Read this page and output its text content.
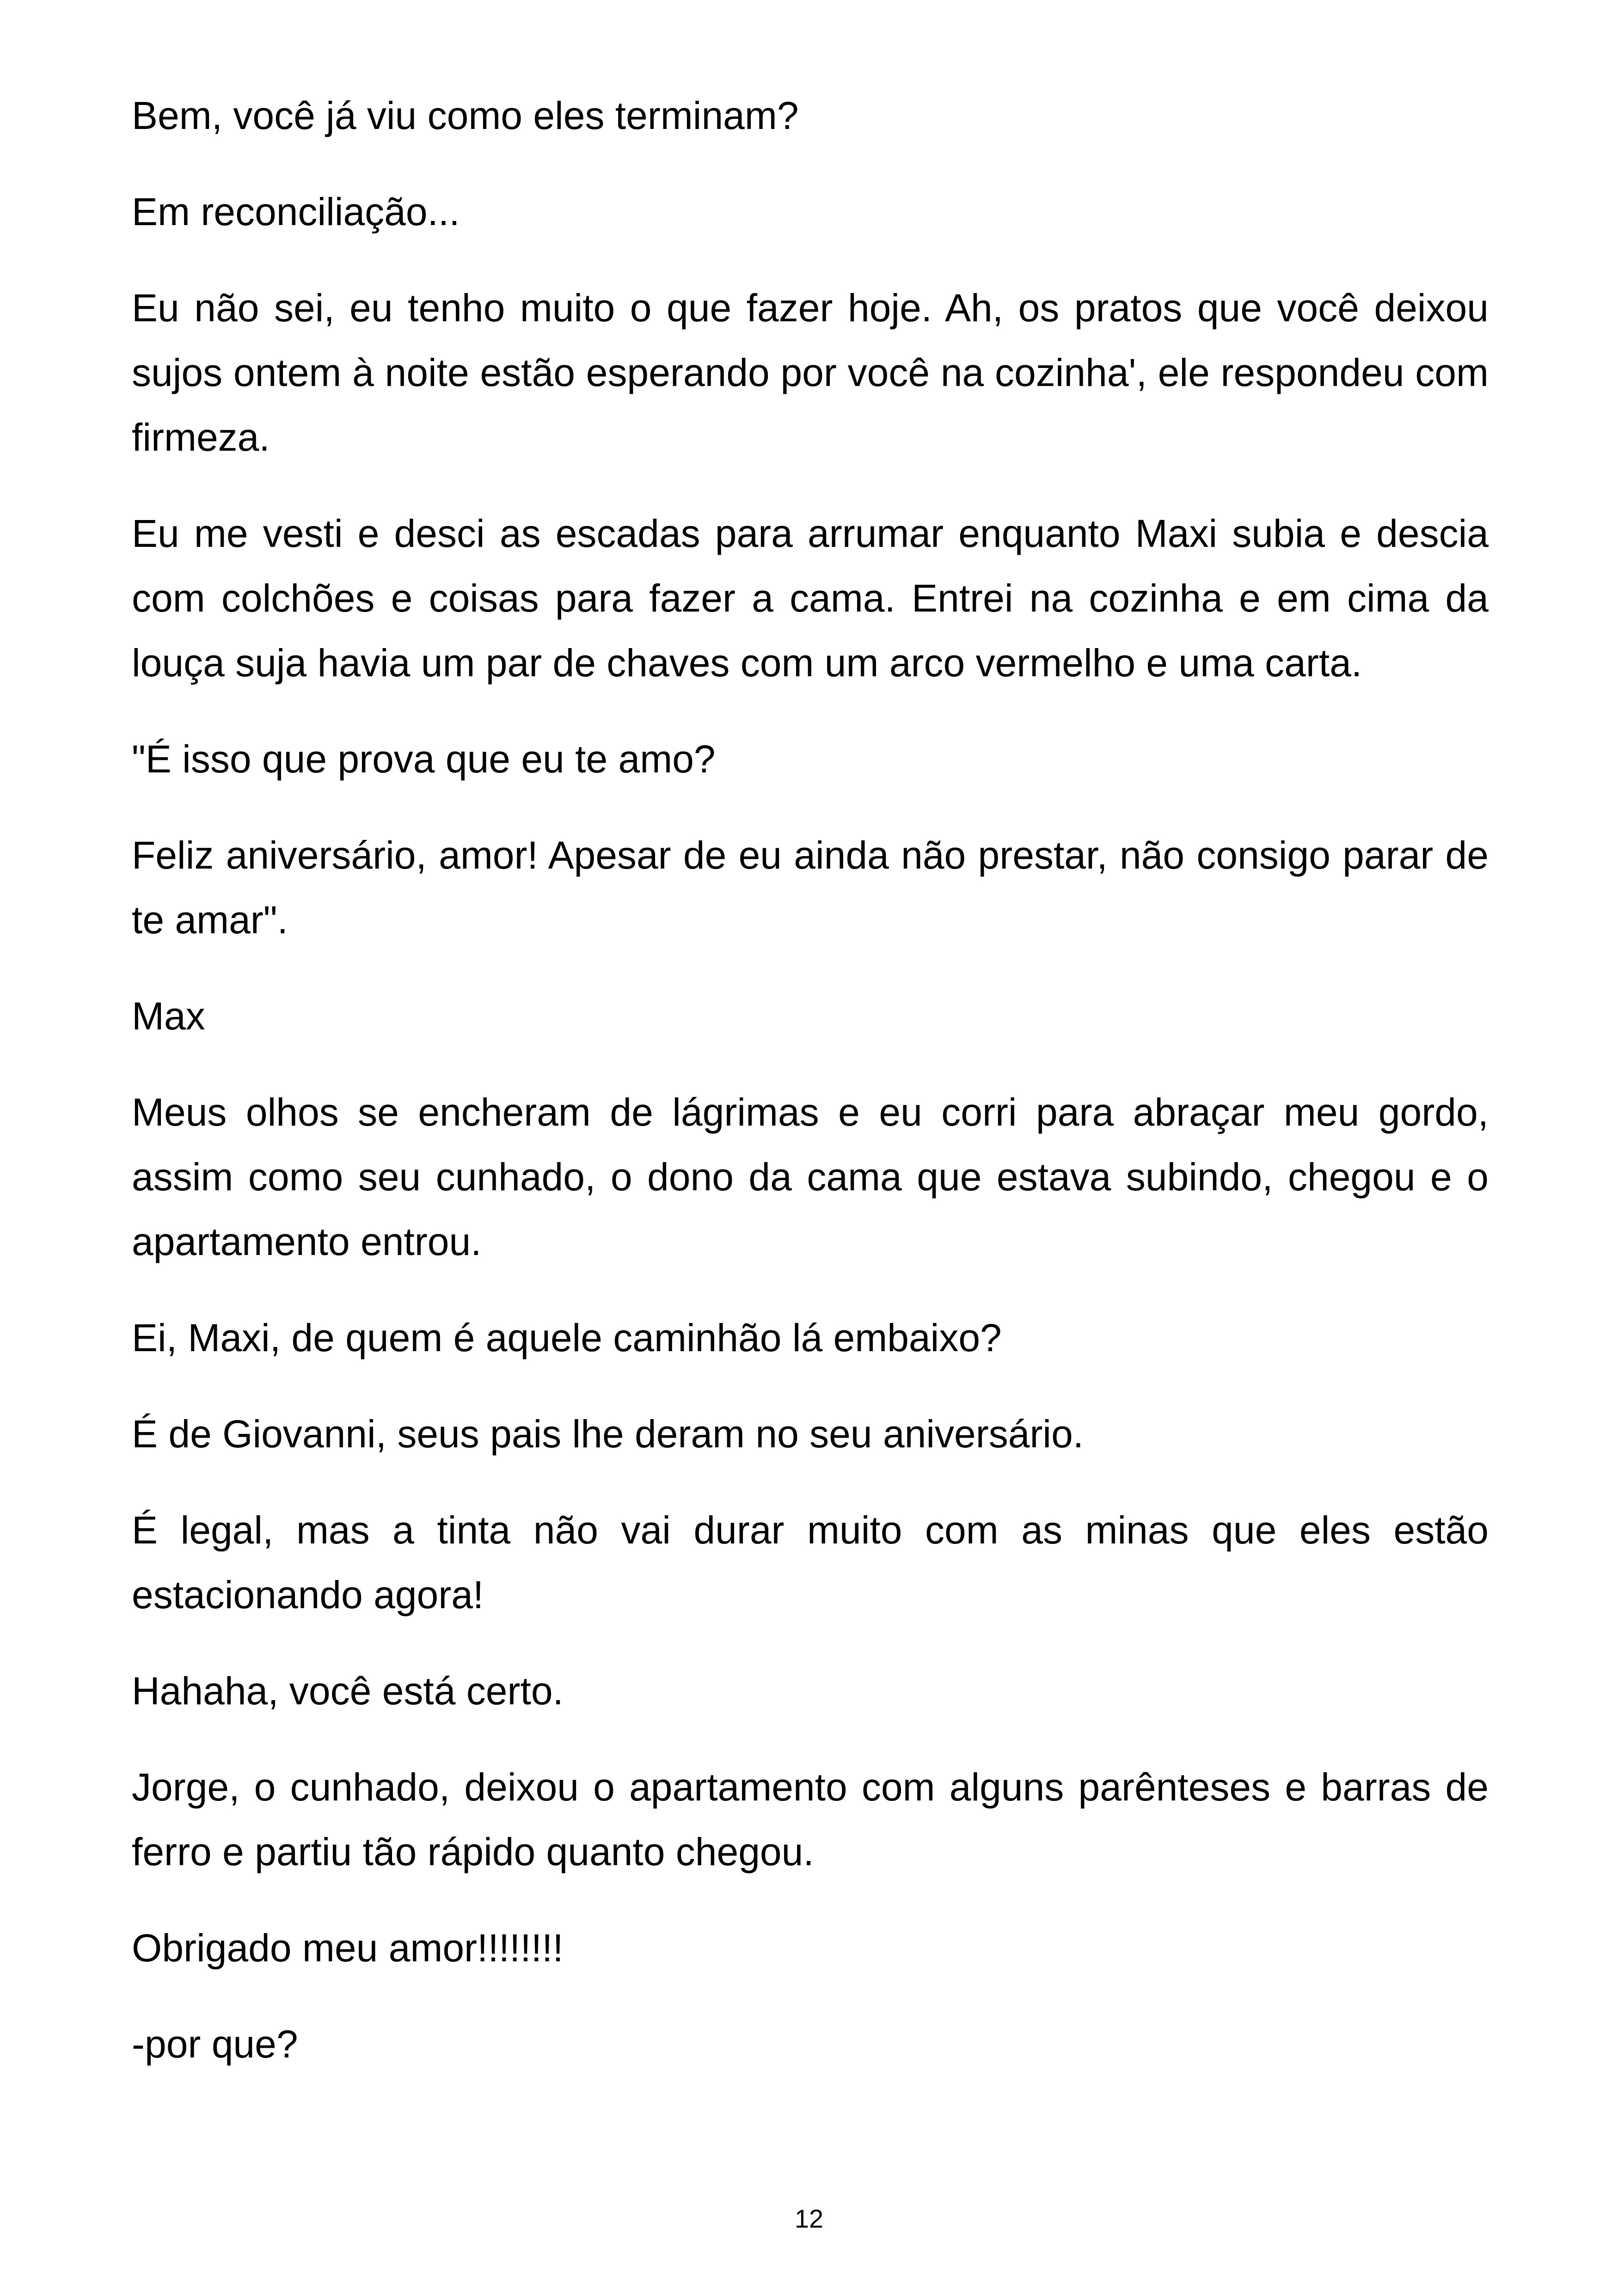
Bem, você já viu como eles terminam?

Em reconciliação...

Eu não sei, eu tenho muito o que fazer hoje. Ah, os pratos que você deixou sujos ontem à noite estão esperando por você na cozinha', ele respondeu com firmeza.

Eu me vesti e desci as escadas para arrumar enquanto Maxi subia e descia com colchões e coisas para fazer a cama. Entrei na cozinha e em cima da louça suja havia um par de chaves com um arco vermelho e uma carta.

"É isso que prova que eu te amo?

Feliz aniversário, amor! Apesar de eu ainda não prestar, não consigo parar de te amar".

Max

Meus olhos se encheram de lágrimas e eu corri para abraçar meu gordo, assim como seu cunhado, o dono da cama que estava subindo, chegou e o apartamento entrou.

Ei, Maxi, de quem é aquele caminhão lá embaixo?

É de Giovanni, seus pais lhe deram no seu aniversário.

É legal, mas a tinta não vai durar muito com as minas que eles estão estacionando agora!

Hahaha, você está certo.

Jorge, o cunhado, deixou o apartamento com alguns parênteses e barras de ferro e partiu tão rápido quanto chegou.

Obrigado meu amor!!!!!!!!

-por que?

12
